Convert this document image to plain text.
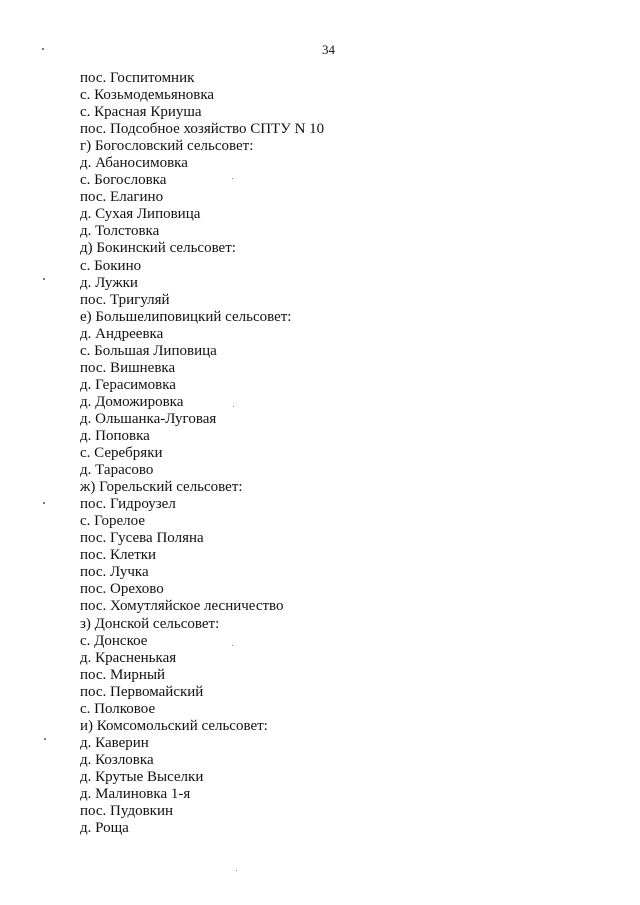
34
пос. Госпитомник
с. Козьмодемьяновка
с. Красная Криуша
пос. Подсобное хозяйство СПТУ N 10
г) Богословский сельсовет:
д. Абаносимовка
с. Богословка
пос. Елагино
д. Сухая Липовица
д. Толстовка
д) Бокинский сельсовет:
с. Бокино
д. Лужки
пос. Тригуляй
е) Большелиповицкий сельсовет:
д. Андреевка
с. Большая Липовица
пос. Вишневка
д. Герасимовка
д. Доможировка
д. Ольшанка-Луговая
д. Поповка
с. Серебряки
д. Тарасово
ж) Горельский сельсовет:
пос. Гидроузел
с. Горелое
пос. Гусева Поляна
пос. Клетки
пос. Лучка
пос. Орехово
пос. Хомутляйское лесничество
з) Донской сельсовет:
с. Донское
д. Красненькая
пос. Мирный
пос. Первомайский
с. Полковое
и) Комсомольский сельсовет:
д. Каверин
д. Козловка
д. Крутые Выселки
д. Малиновка 1-я
пос. Пудовкин
д. Роща
